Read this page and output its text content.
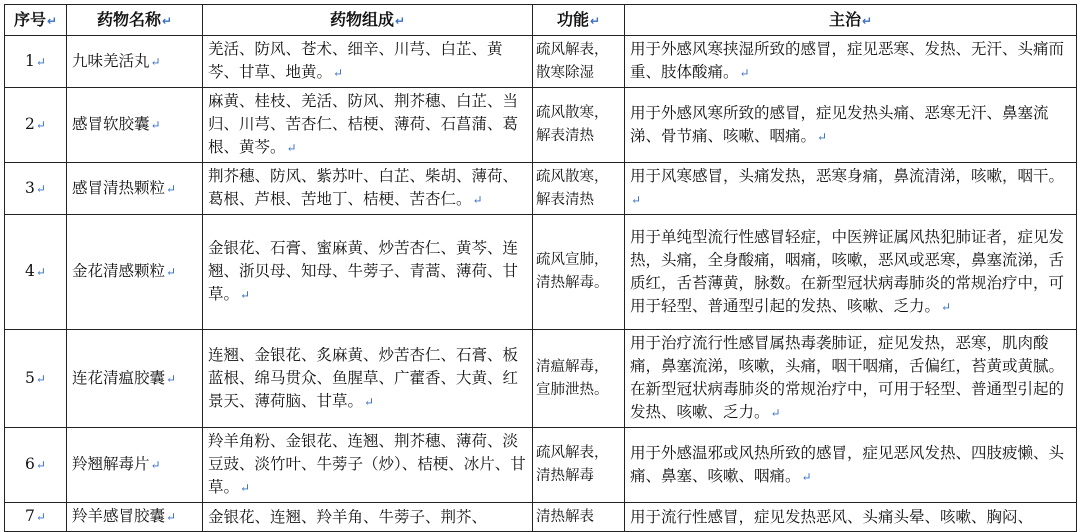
序号↵	药物名称↵	药物组成↵	功能↵	主治↵
1↵	九味羌活丸↵	羌活、防风、苍术、细辛、川芎、白芷、黄芩、甘草、地黄。↵	疏风解表，散寒除湿	用于外感风寒挟湿所致的感冒，症见恶寒、发热、无汗、头痛而重、肢体酸痛。↵
2↵	感冒软胶囊↵	麻黄、桂枝、羌活、防风、荆芥穗、白芷、当归、川芎、苦杏仁、桔梗、薄荷、石菖蒲、葛根、黄芩。↵	疏风散寒，解表清热	用于外感风寒所致的感冒，症见发热头痛、恶寒无汗、鼻塞流涕、骨节痛、咳嗽、咽痛。↵
3↵	感冒清热颗粒↵	荆芥穗、防风、紫苏叶、白芷、柴胡、薄荷、葛根、芦根、苦地丁、桔梗、苦杏仁。↵	疏风散寒，解表清热	用于风寒感冒，头痛发热，恶寒身痛，鼻流清涕，咳嗽，咽干。↵
4↵	金花清感颗粒↵	金银花、石膏、蜜麻黄、炒苦杏仁、黄芩、连翘、浙贝母、知母、牛蒡子、青蒿、薄荷、甘草。↵	疏风宣肺，清热解毒。	用于单纯型流行性感冒轻症，中医辨证属风热犯肺证者，症见发热，头痛，全身酸痛，咽痛，咳嗽，恶风或恶寒，鼻塞流涕，舌质红，舌苔薄黄，脉数。在新型冠状病毒肺炎的常规治疗中，可用于轻型、普通型引起的发热、咳嗽、乏力。↵
5↵	连花清瘟胶囊↵	连翘、金银花、炙麻黄、炒苦杏仁、石膏、板蓝根、绵马贯众、鱼腥草、广藿香、大黄、红景天、薄荷脑、甘草。↵	清瘟解毒，宣肺泄热。	用于治疗流行性感冒属热毒袭肺证，症见发热，恶寒，肌肉酸痛，鼻塞流涕，咳嗽，头痛，咽干咽痛，舌偏红，苔黄或黄腻。在新型冠状病毒肺炎的常规治疗中，可用于轻型、普通型引起的发热、咳嗽、乏力。↵
6↵	羚翘解毒片↵	羚羊角粉、金银花、连翘、荆芥穗、薄荷、淡豆豉、淡竹叶、牛蒡子（炒）、桔梗、冰片、甘草。↵	疏风解表，清热解毒	用于外感温邪或风热所致的感冒，症见恶风发热、四肢疲懒、头痛、鼻塞、咳嗽、咽痛。↵
7↵	羚羊感冒胶囊↵	金银花、连翘、羚羊角、牛蒡子、荆芥、	清热解表	用于流行性感冒，症见发热恶风、头痛头晕、咳嗽、胸闷、
